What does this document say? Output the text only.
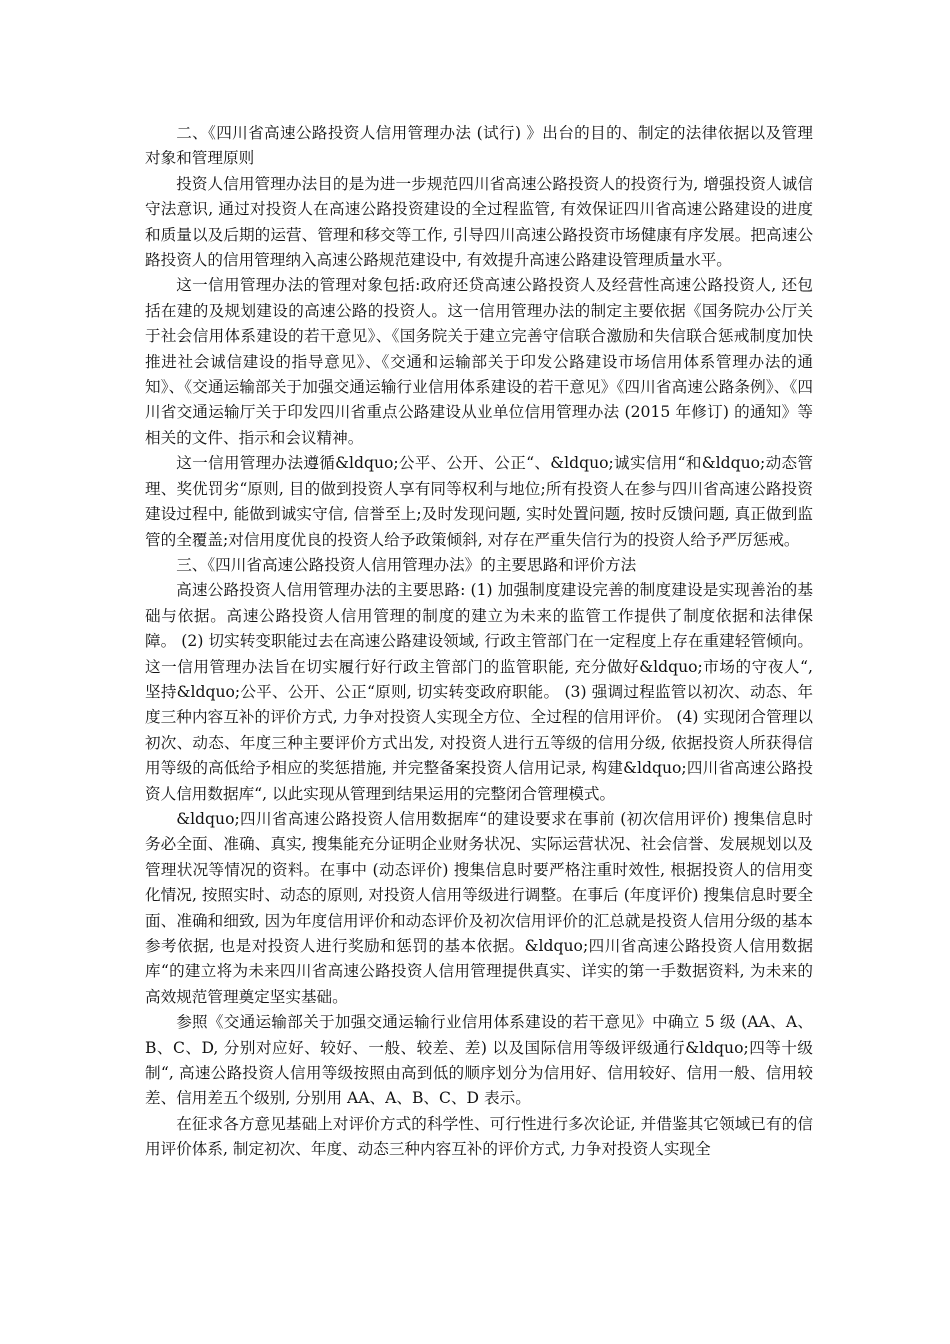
二、《四川省高速公路投资人信用管理办法 (试行) 》出台的目的、制定的法律依据以及管理对象和管理原则

投资人信用管理办法目的是为进一步规范四川省高速公路投资人的投资行为, 增强投资人诚信守法意识, 通过对投资人在高速公路投资建设的全过程监管, 有效保证四川省高速公路建设的进度和质量以及后期的运营、管理和移交等工作, 引导四川高速公路投资市场健康有序发展。把高速公路投资人的信用管理纳入高速公路规范建设中, 有效提升高速公路建设管理质量水平。

这一信用管理办法的管理对象包括:政府还贷高速公路投资人及经营性高速公路投资人, 还包括在建的及规划建设的高速公路的投资人。这一信用管理办法的制定主要依据《国务院办公厅关于社会信用体系建设的若干意见》、《国务院关于建立完善守信联合激励和失信联合惩戒制度加快推进社会诚信建设的指导意见》、《交通和运输部关于印发公路建设市场信用体系管理办法的通知》、《交通运输部关于加强交通运输行业信用体系建设的若干意见》《四川省高速公路条例》、《四川省交通运输厅关于印发四川省重点公路建设从业单位信用管理办法 (2015 年修订) 的通知》等相关的文件、指示和会议精神。

这一信用管理办法遵循&ldquo;公平、公开、公正“、&ldquo;诚实信用“和&ldquo;动态管理、奖优罚劣“原则, 目的做到投资人享有同等权利与地位;所有投资人在参与四川省高速公路投资建设过程中, 能做到诚实守信, 信誉至上;及时发现问题, 实时处置问题, 按时反馈问题, 真正做到监管的全覆盖;对信用度优良的投资人给予政策倾斜, 对存在严重失信行为的投资人给予严厉惩戒。

三、《四川省高速公路投资人信用管理办法》的主要思路和评价方法

高速公路投资人信用管理办法的主要思路: (1) 加强制度建设完善的制度建设是实现善治的基础与依据。高速公路投资人信用管理的制度的建立为未来的监管工作提供了制度依据和法律保障。 (2) 切实转变职能过去在高速公路建设领域, 行政主管部门在一定程度上存在重建轻管倾向。这一信用管理办法旨在切实履行好行政主管部门的监管职能, 充分做好&ldquo;市场的守夜人“, 坚持&ldquo;公平、公开、公正“原则, 切实转变政府职能。 (3) 强调过程监管以初次、动态、年度三种内容互补的评价方式, 力争对投资人实现全方位、全过程的信用评价。 (4) 实现闭合管理以初次、动态、年度三种主要评价方式出发, 对投资人进行五等级的信用分级, 依据投资人所获得信用等级的高低给予相应的奖惩措施, 并完整备案投资人信用记录, 构建&ldquo;四川省高速公路投资人信用数据库“, 以此实现从管理到结果运用的完整闭合管理模式。

&ldquo;四川省高速公路投资人信用数据库“的建设要求在事前 (初次信用评价) 搜集信息时务必全面、准确、真实, 搜集能充分证明企业财务状况、实际运营状况、社会信誉、发展规划以及管理状况等情况的资料。在事中 (动态评价) 搜集信息时要严格注重时效性, 根据投资人的信用变化情况, 按照实时、动态的原则, 对投资人信用等级进行调整。在事后 (年度评价) 搜集信息时要全面、准确和细致, 因为年度信用评价和动态评价及初次信用评价的汇总就是投资人信用分级的基本参考依据, 也是对投资人进行奖励和惩罚的基本依据。&ldquo;四川省高速公路投资人信用数据库“的建立将为未来四川省高速公路投资人信用管理提供真实、详实的第一手数据资料, 为未来的高效规范管理奠定坚实基础。

参照《交通运输部关于加强交通运输行业信用体系建设的若干意见》中确立 5 级 (AA、A、B、C、D, 分别对应好、较好、一般、较差、差) 以及国际信用等级评级通行&ldquo;四等十级制“, 高速公路投资人信用等级按照由高到低的顺序划分为信用好、信用较好、信用一般、信用较差、信用差五个级别, 分别用 AA、A、B、C、D 表示。

在征求各方意见基础上对评价方式的科学性、可行性进行多次论证, 并借鉴其它领域已有的信用评价体系, 制定初次、年度、动态三种内容互补的评价方式, 力争对投资人实现全
